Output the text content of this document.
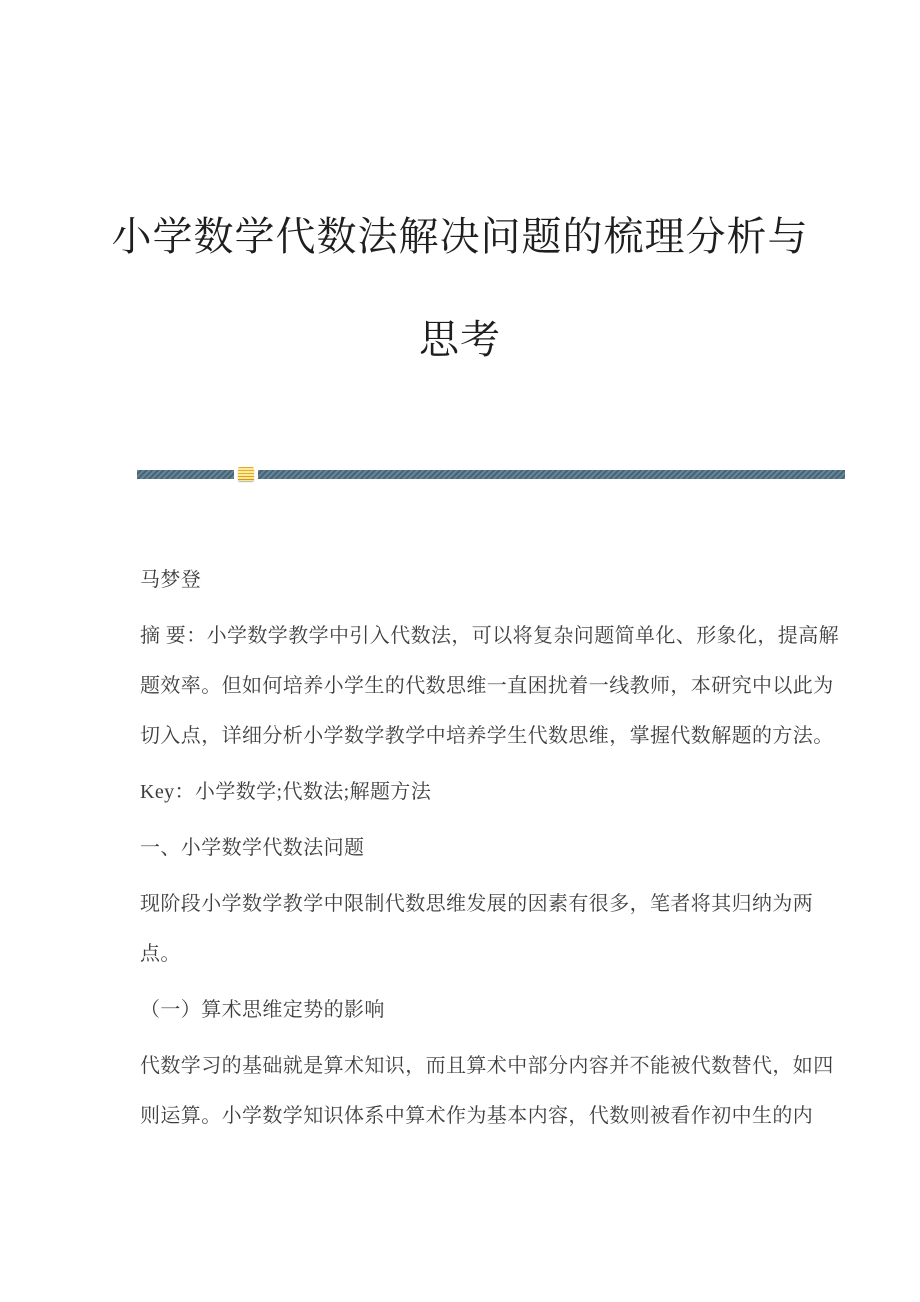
小学数学代数法解决问题的梳理分析与
思考

马梦登

摘 要：小学数学教学中引入代数法，可以将复杂问题简单化、形象化，提高解
题效率。但如何培养小学生的代数思维一直困扰着一线教师，本研究中以此为
切入点，详细分析小学数学教学中培养学生代数思维，掌握代数解题的方法。

Key：小学数学;代数法;解题方法

一、小学数学代数法问题

现阶段小学数学教学中限制代数思维发展的因素有很多，笔者将其归纳为两
点。

（一）算术思维定势的影响

代数学习的基础就是算术知识，而且算术中部分内容并不能被代数替代，如四
则运算。小学数学知识体系中算术作为基本内容，代数则被看作初中生的内
